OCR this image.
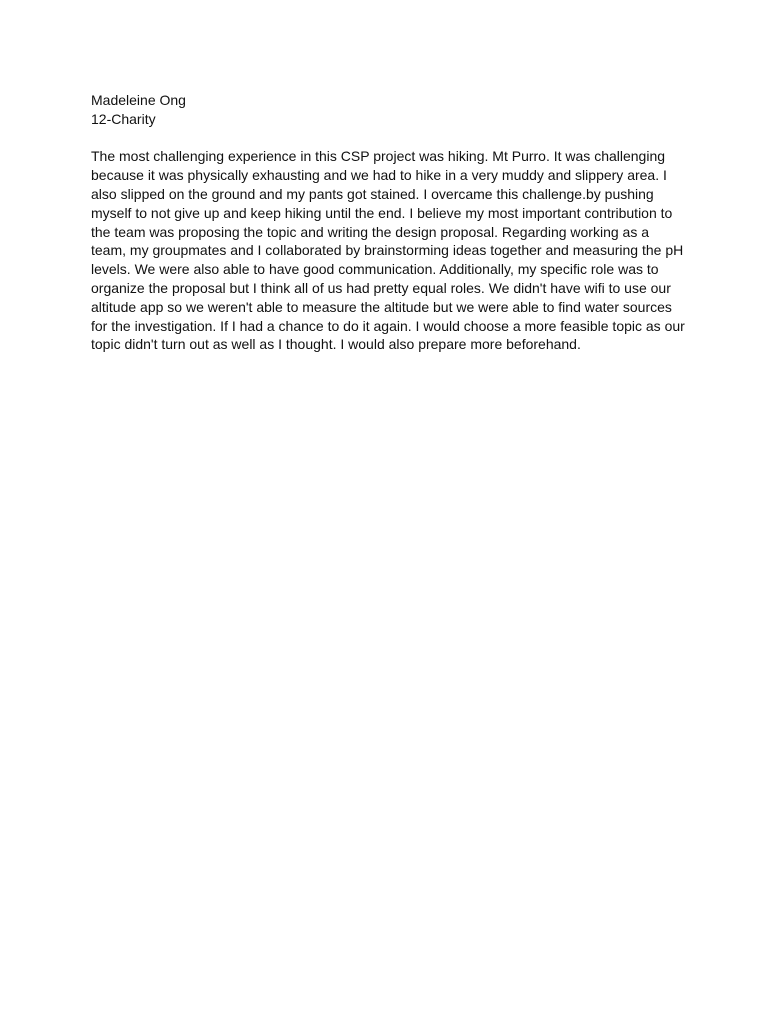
Madeleine Ong
12-Charity

The most challenging experience in this CSP project was hiking. Mt Purro. It was challenging
because it was physically exhausting and we had to hike in a very muddy and slippery area. I
also slipped on the ground and my pants got stained. I overcame this challenge.by pushing
myself to not give up and keep hiking until the end. I believe my most important contribution to
the team was proposing the topic and writing the design proposal. Regarding working as a
team, my groupmates and I collaborated by brainstorming ideas together and measuring the pH
levels. We were also able to have good communication. Additionally, my specific role was to
organize the proposal but I think all of us had pretty equal roles. We didn't have wifi to use our
altitude app so we weren't able to measure the altitude but we were able to find water sources
for the investigation. If I had a chance to do it again. I would choose a more feasible topic as our
topic didn't turn out as well as I thought. I would also prepare more beforehand.
